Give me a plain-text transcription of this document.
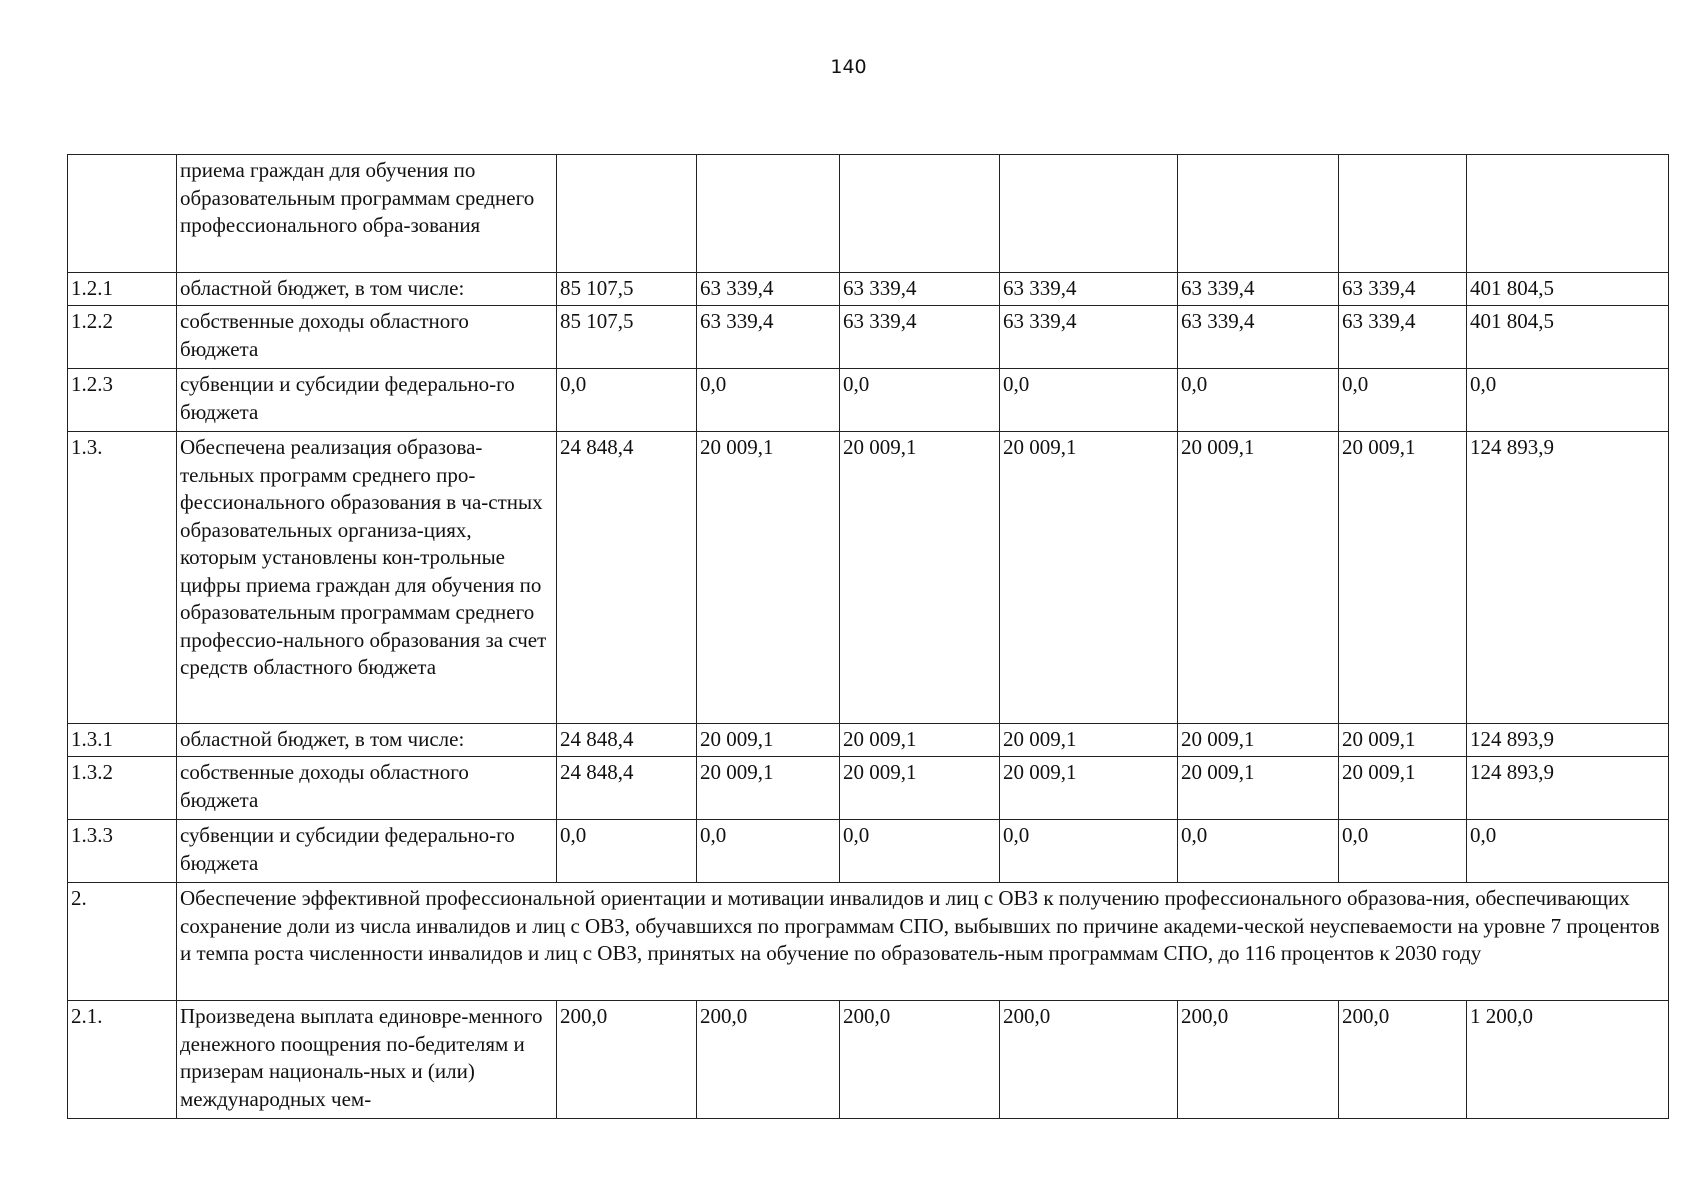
140
	приема граждан для обучения по образовательным программам среднего профессионального обра-зования							
1.2.1	областной бюджет, в том числе:	85 107,5	63 339,4	63 339,4	63 339,4	63 339,4	63 339,4	401 804,5
1.2.2	собственные доходы областного бюджета	85 107,5	63 339,4	63 339,4	63 339,4	63 339,4	63 339,4	401 804,5
1.2.3	субвенции и субсидии федерально-го бюджета	0,0	0,0	0,0	0,0	0,0	0,0	0,0
1.3.	Обеспечена реализация образова-тельных программ среднего про-фессионального образования в ча-стных образовательных организа-циях, которым установлены кон-трольные цифры приема граждан для обучения по образовательным программам среднего профессио-нального образования за счет средств областного бюджета	24 848,4	20 009,1	20 009,1	20 009,1	20 009,1	20 009,1	124 893,9
1.3.1	областной бюджет, в том числе:	24 848,4	20 009,1	20 009,1	20 009,1	20 009,1	20 009,1	124 893,9
1.3.2	собственные доходы областного бюджета	24 848,4	20 009,1	20 009,1	20 009,1	20 009,1	20 009,1	124 893,9
1.3.3	субвенции и субсидии федерально-го бюджета	0,0	0,0	0,0	0,0	0,0	0,0	0,0
2.	Обеспечение эффективной профессиональной ориентации и мотивации инвалидов и лиц с ОВЗ к получению профессионального образова-ния, обеспечивающих сохранение доли из числа инвалидов и лиц с ОВЗ, обучавшихся по программам СПО, выбывших по причине академи-ческой неуспеваемости на уровне 7 процентов и темпа роста численности инвалидов и лиц с ОВЗ, принятых на обучение по образователь-ным программам СПО, до 116 процентов к 2030 году							
2.1.	Произведена выплата единовре-менного денежного поощрения по-бедителям и призерам националь-ных и (или) международных чем-	200,0	200,0	200,0	200,0	200,0	200,0	1 200,0
